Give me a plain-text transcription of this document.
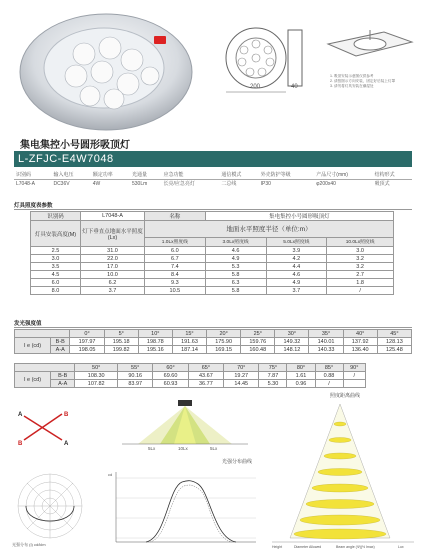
200	40
1. 吸顶安装示意图仅供参考
2. 请按图示方向安装，固定好后装上灯罩
3. 请勿将灯具安装在潮湿处
集电集控小号圆形吸顶灯
L-ZFJC-E4W7048
识别码	输入电压	额定功率	光通量	应急功能	通信模式	外壳防护等级	产品尺寸(mm)	结构形式
L7048-A	DC36V	4W	530Lm	长亮/应急亮灯	二总线	IP30	φ200x40	吸顶式
灯具照度表参数
识别码	L7048-A	名称	集电集控小号圆形吸顶灯		
灯具安装高度(M)	灯下垂直点地面水平照度(Lx)	地面水平照度半径（单位:m）			
		1.0Lx照度线	3.0Lx照度线	5.0Lx照度线	10.0Lx照度线
2.5	31.0	6.0	4.6	3.9	3.0
3.0	22.0	6.7	4.9	4.2	3.2
3.5	17.0	7.4	5.3	4.4	3.2
4.5	10.0	8.4	5.8	4.6	2.7
6.0	6.2	9.3	6.3	4.9	1.8
8.0	3.7	10.5	5.8	3.7	/
发光强度值
		0°	5°	10°	15°	20°	25°	30°	35°	40°	45°
I e (cd)	B-B	197.97	195.18	198.78	191.63	175.90	159.76	149.32	140.01	137.92	128.13
	A-A	198.05	199.82	195.16	187.14	169.15	160.48	148.12	140.33	136.40	125.48
		50°	55°	60°	65°	70°	75°	80°	85°	90°
I e (cd)	B-B	108.30	90.16	69.60	43.67	19.27	7.87	1.61	0.88	/
	A-A	107.82	83.97	60.93	36.77	14.45	5.30	0.96	/	
A	B
B	A
5Lx	10Lx	5Lx
光强分布 (Ι) cd/klm
光强分布曲线
cd
照度距离曲线
Height	Diameter Allowed	Beam angle (Ψ)(½ Imax)	Lux
